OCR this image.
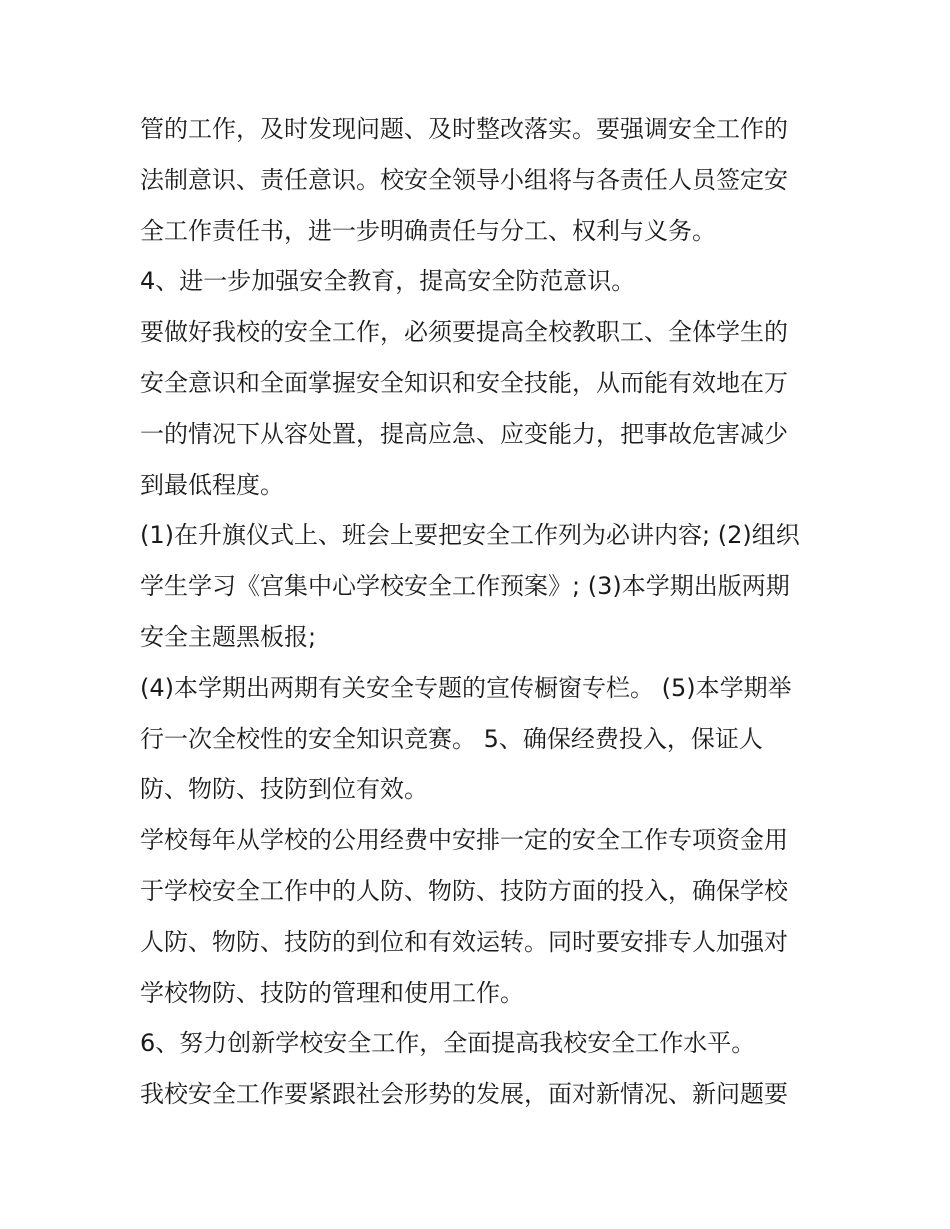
管的工作，及时发现问题、及时整改落实。要强调安全工作的
法制意识、责任意识。校安全领导小组将与各责任人员签定安
全工作责任书，进一步明确责任与分工、权利与义务。
4、进一步加强安全教育，提高安全防范意识。
要做好我校的安全工作，必须要提高全校教职工、全体学生的
安全意识和全面掌握安全知识和安全技能，从而能有效地在万
一的情况下从容处置，提高应急、应变能力，把事故危害减少
到最低程度。
(1)在升旗仪式上、班会上要把安全工作列为必讲内容; (2)组织
学生学习《宫集中心学校安全工作预案》; (3)本学期出版两期
安全主题黑板报;
(4)本学期出两期有关安全专题的宣传橱窗专栏。 (5)本学期举
行一次全校性的安全知识竞赛。 5、确保经费投入，保证人
防、物防、技防到位有效。
学校每年从学校的公用经费中安排一定的安全工作专项资金用
于学校安全工作中的人防、物防、技防方面的投入，确保学校
人防、物防、技防的到位和有效运转。同时要安排专人加强对
学校物防、技防的管理和使用工作。
6、努力创新学校安全工作，全面提高我校安全工作水平。
我校安全工作要紧跟社会形势的发展，面对新情况、新问题要
